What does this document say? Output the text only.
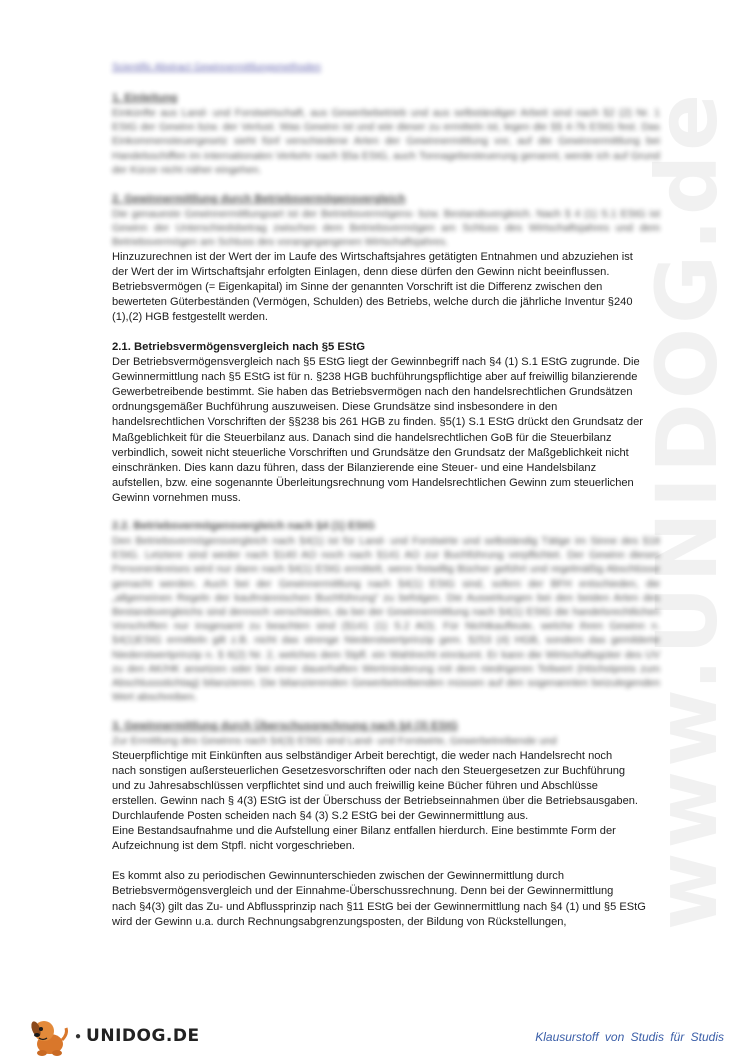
www.UNIDOG.de
Scientific Abstract Gewinnermittlungsmethoden
1. Einleitung

Einkünfte aus Land- und Forstwirtschaft, aus Gewerbebetrieb und aus selbständiger Arbeit sind nach §2 (2) Nr. 1 EStG der Gewinn bzw. der Verlust. Was Gewinn ist und wie dieser zu ermitteln ist, legen die §§ 4-7k EStG fest. Das Einkommensteuergesetz sieht fünf verschiedene Arten der Gewinnermittlung vor, auf die Gewinnermittlung bei Handelsschiffen im internationalen Verkehr nach §5a EStG, auch Tonnagebesteuerung genannt, werde ich auf Grund der Kürze nicht näher eingehen.

2. Gewinnermittlung durch Betriebsvermögensvergleich

Die genaueste Gewinnermittlungsart ist der Betriebsvermögens- bzw. Bestandsvergleich. Nach § 4 (1) S.1 EStG ist Gewinn der Unterschiedsbetrag zwischen dem Betriebsvermögen am Schluss des Wirtschaftsjahres und dem Betriebsvermögen am Schluss des vorangegangenen Wirtschaftsjahres.

Hinzuzurechnen ist der Wert der im Laufe des Wirtschaftsjahres getätigten Entnahmen und abzuziehen ist
der Wert der im Wirtschaftsjahr erfolgten Einlagen, denn diese dürfen den Gewinn nicht beeinflussen.
Betriebsvermögen (= Eigenkapital) im Sinne der genannten Vorschrift ist die Differenz zwischen den
bewerteten Güterbeständen (Vermögen, Schulden) des Betriebs, welche durch die jährliche Inventur §240
(1),(2) HGB festgestellt werden.
2.1. Betriebsvermögensvergleich nach §5 EStG
Der Betriebsvermögensvergleich nach §5 EStG liegt der Gewinnbegriff nach §4 (1) S.1 EStG zugrunde. Die
Gewinnermittlung nach §5 EStG ist für n. §238 HGB buchführungspflichtige aber auf freiwillig bilanzierende
Gewerbetreibende bestimmt. Sie haben das Betriebsvermögen nach den handelsrechtlichen Grundsätzen
ordnungsgemäßer Buchführung auszuweisen. Diese Grundsätze sind insbesondere in den
handelsrechtlichen Vorschriften der §§238 bis 261 HGB zu finden. §5(1) S.1 EStG drückt den Grundsatz der
Maßgeblichkeit für die Steuerbilanz aus. Danach sind die handelsrechtlichen GoB für die Steuerbilanz
verbindlich, soweit nicht steuerliche Vorschriften und Grundsätze den Grundsatz der Maßgeblichkeit nicht
einschränken. Dies kann dazu führen, dass der Bilanzierende eine Steuer- und eine Handelsbilanz
aufstellen, bzw. eine sogenannte Überleitungsrechnung vom Handelsrechtlichen Gewinn zum steuerlichen
Gewinn vornehmen muss.
2.2. Betriebsvermögensvergleich nach §4 (1) EStG

Den Betriebsvermögensvergleich nach §4(1) ist für Land- und Forstwirte und selbständig Tätige im Sinne des §18 EStG. Letztere sind weder nach §140 AO noch nach §141 AO zur Buchführung verpflichtet. Der Gewinn dieses Personenkreises wird nur dann nach §4(1) EStG ermittelt, wenn freiwillig Bücher geführt und regelmäßig Abschlüsse gemacht werden. Auch bei der Gewinnermittlung nach §4(1) EStG sind, sofern der BFH entschieden, die „allgemeinen Regeln der kaufmännischen Buchführung“ zu befolgen. Die Auswirkungen bei den beiden Arten des Bestandsvergleichs sind dennoch verschieden, da bei der Gewinnermittlung nach §4(1) EStG die handelsrechtlichen Vorschriften nur insgesamt zu beachten sind (§141 (1) S.2 AO). Für Nichtkaufleute, welche ihren Gewinn n. §4(1)EStG ermitteln gilt z.B. nicht das strenge Niederstwertprinzip gem. §253 (4) HGB, sondern das gemilderte Niederstwertprinzip n. § 6(2) Nr. 2, welches dem Stpfl. ein Wahlrecht einräumt. Er kann die Wirtschaftsgüter des UV zu den AK/HK ansetzen oder bei einer dauerhaften Wertminderung mit dem niedrigeren Teilwert (Höchstpreis zum Abschlussstichtag) bilanzieren. Die bilanzierenden Gewerbetreibenden müssen auf den sogenannten beizulegenden Wert abschreiben.

3. Gewinnermittlung durch Überschussrechnung nach §4 (3) EStG

Zur Ermittlung des Gewinns nach §4(3) EStG sind Land- und Forstwirte, Gewerbetreibende und

Steuerpflichtige mit Einkünften aus selbständiger Arbeit berechtigt, die weder nach Handelsrecht noch
nach sonstigen außersteuerlichen Gesetzesvorschriften oder nach den Steuergesetzen zur Buchführung
und zu Jahresabschlüssen verpflichtet sind und auch freiwillig keine Bücher führen und Abschlüsse
erstellen. Gewinn nach § 4(3) EStG ist der Überschuss der Betriebseinnahmen über die Betriebsausgaben.
Durchlaufende Posten scheiden nach §4 (3) S.2 EStG bei der Gewinnermittlung aus.
Eine Bestandsaufnahme und die Aufstellung einer Bilanz entfallen hierdurch. Eine bestimmte Form der
Aufzeichnung ist dem Stpfl. nicht vorgeschrieben.
Es kommt also zu periodischen Gewinnunterschieden zwischen der Gewinnermittlung durch
Betriebsvermögensvergleich und der Einnahme-Überschussrechnung. Denn bei der Gewinnermittlung
nach §4(3) gilt das Zu- und Abflussprinzip nach §11 EStG bei der Gewinnermittlung nach §4 (1) und §5 EStG
wird der Gewinn u.a. durch Rechnungsabgrenzungsposten, der Bildung von Rückstellungen,
● UNIDOG.DE	Klausurstoff von Studis für Studis
